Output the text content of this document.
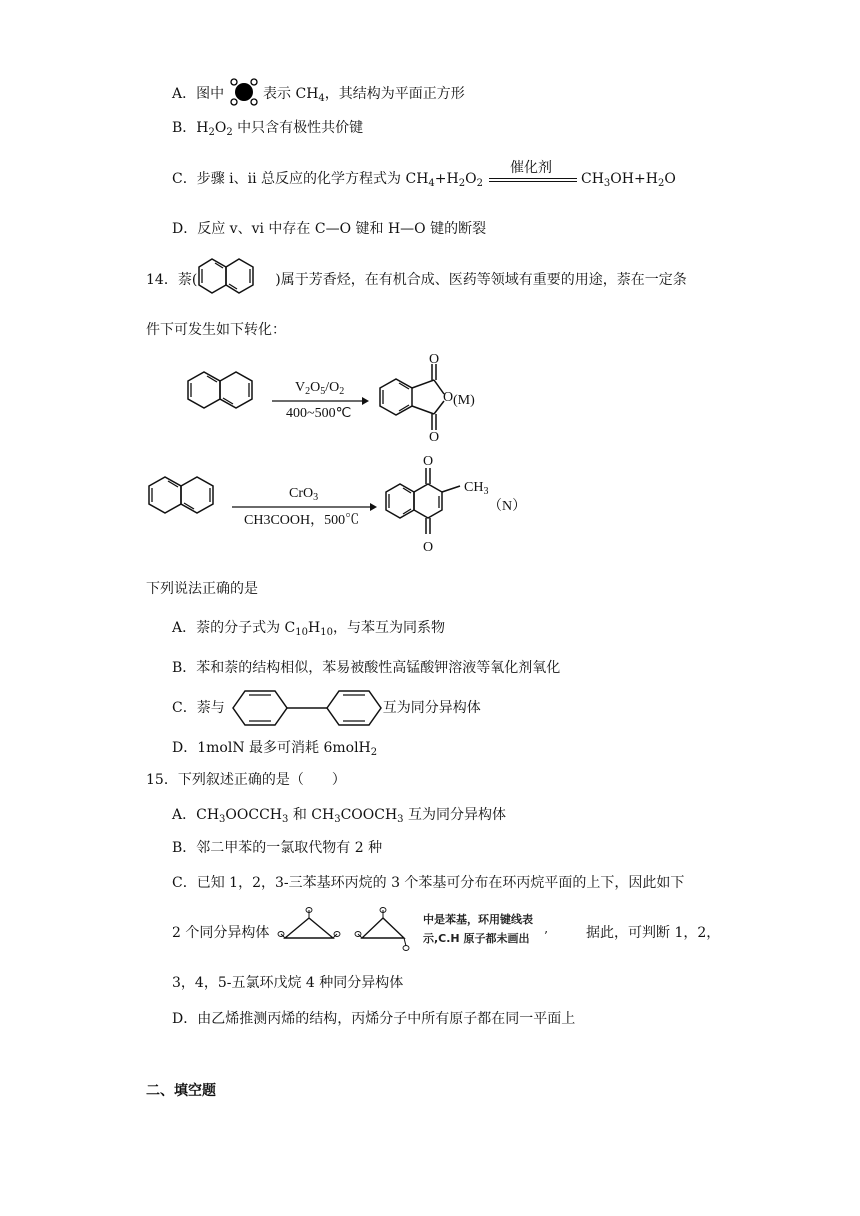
A．图中	表示 $CH_4$，其结构为平面正方形
B．$H_2O_2$ 中只含有极性共价键
C．步骤 i、ii 总反应的化学方程式为 $CH_4+H_2O_2$
催化剂
$CH_3OH+H_2O$
D．反应 v、vi 中存在 C—O 键和 H—O 键的断裂
14．萘(	)属于芳香烃，在有机合成、医药等领域有重要的用途，萘在一定条
件下可发生如下转化：
$V_2O_5/O_2$
400~500℃
O
O
O
(M)
CrO$_3$
CH3COOH，500℃
O
O
$CH_3$
（N）
下列说法正确的是
A．萘的分子式为 $C_{10}H_{10}$，与苯互为同系物
B．苯和萘的结构相似，苯易被酸性高锰酸钾溶液等氧化剂氧化
C．萘与	互为同分异构体
D．1molN 最多可消耗 6molH$_2$
15．下列叙述正确的是（　　）
A．$CH_3OOCCH_3$ 和 $CH_3COOCH_3$ 互为同分异构体
B．邻二甲苯的一氯取代物有 2 种
C．已知 1，2，3-三苯基环丙烷的 3 个苯基可分布在环丙烷平面的上下，因此如下
2 个同分异构体
中是苯基，环用键线表
示,C.H 原子都未画出	’	据此，可判断 1，2，
3，4，5-五氯环戊烷 4 种同分异构体
D．由乙烯推测丙烯的结构，丙烯分子中所有原子都在同一平面上
二、填空题
